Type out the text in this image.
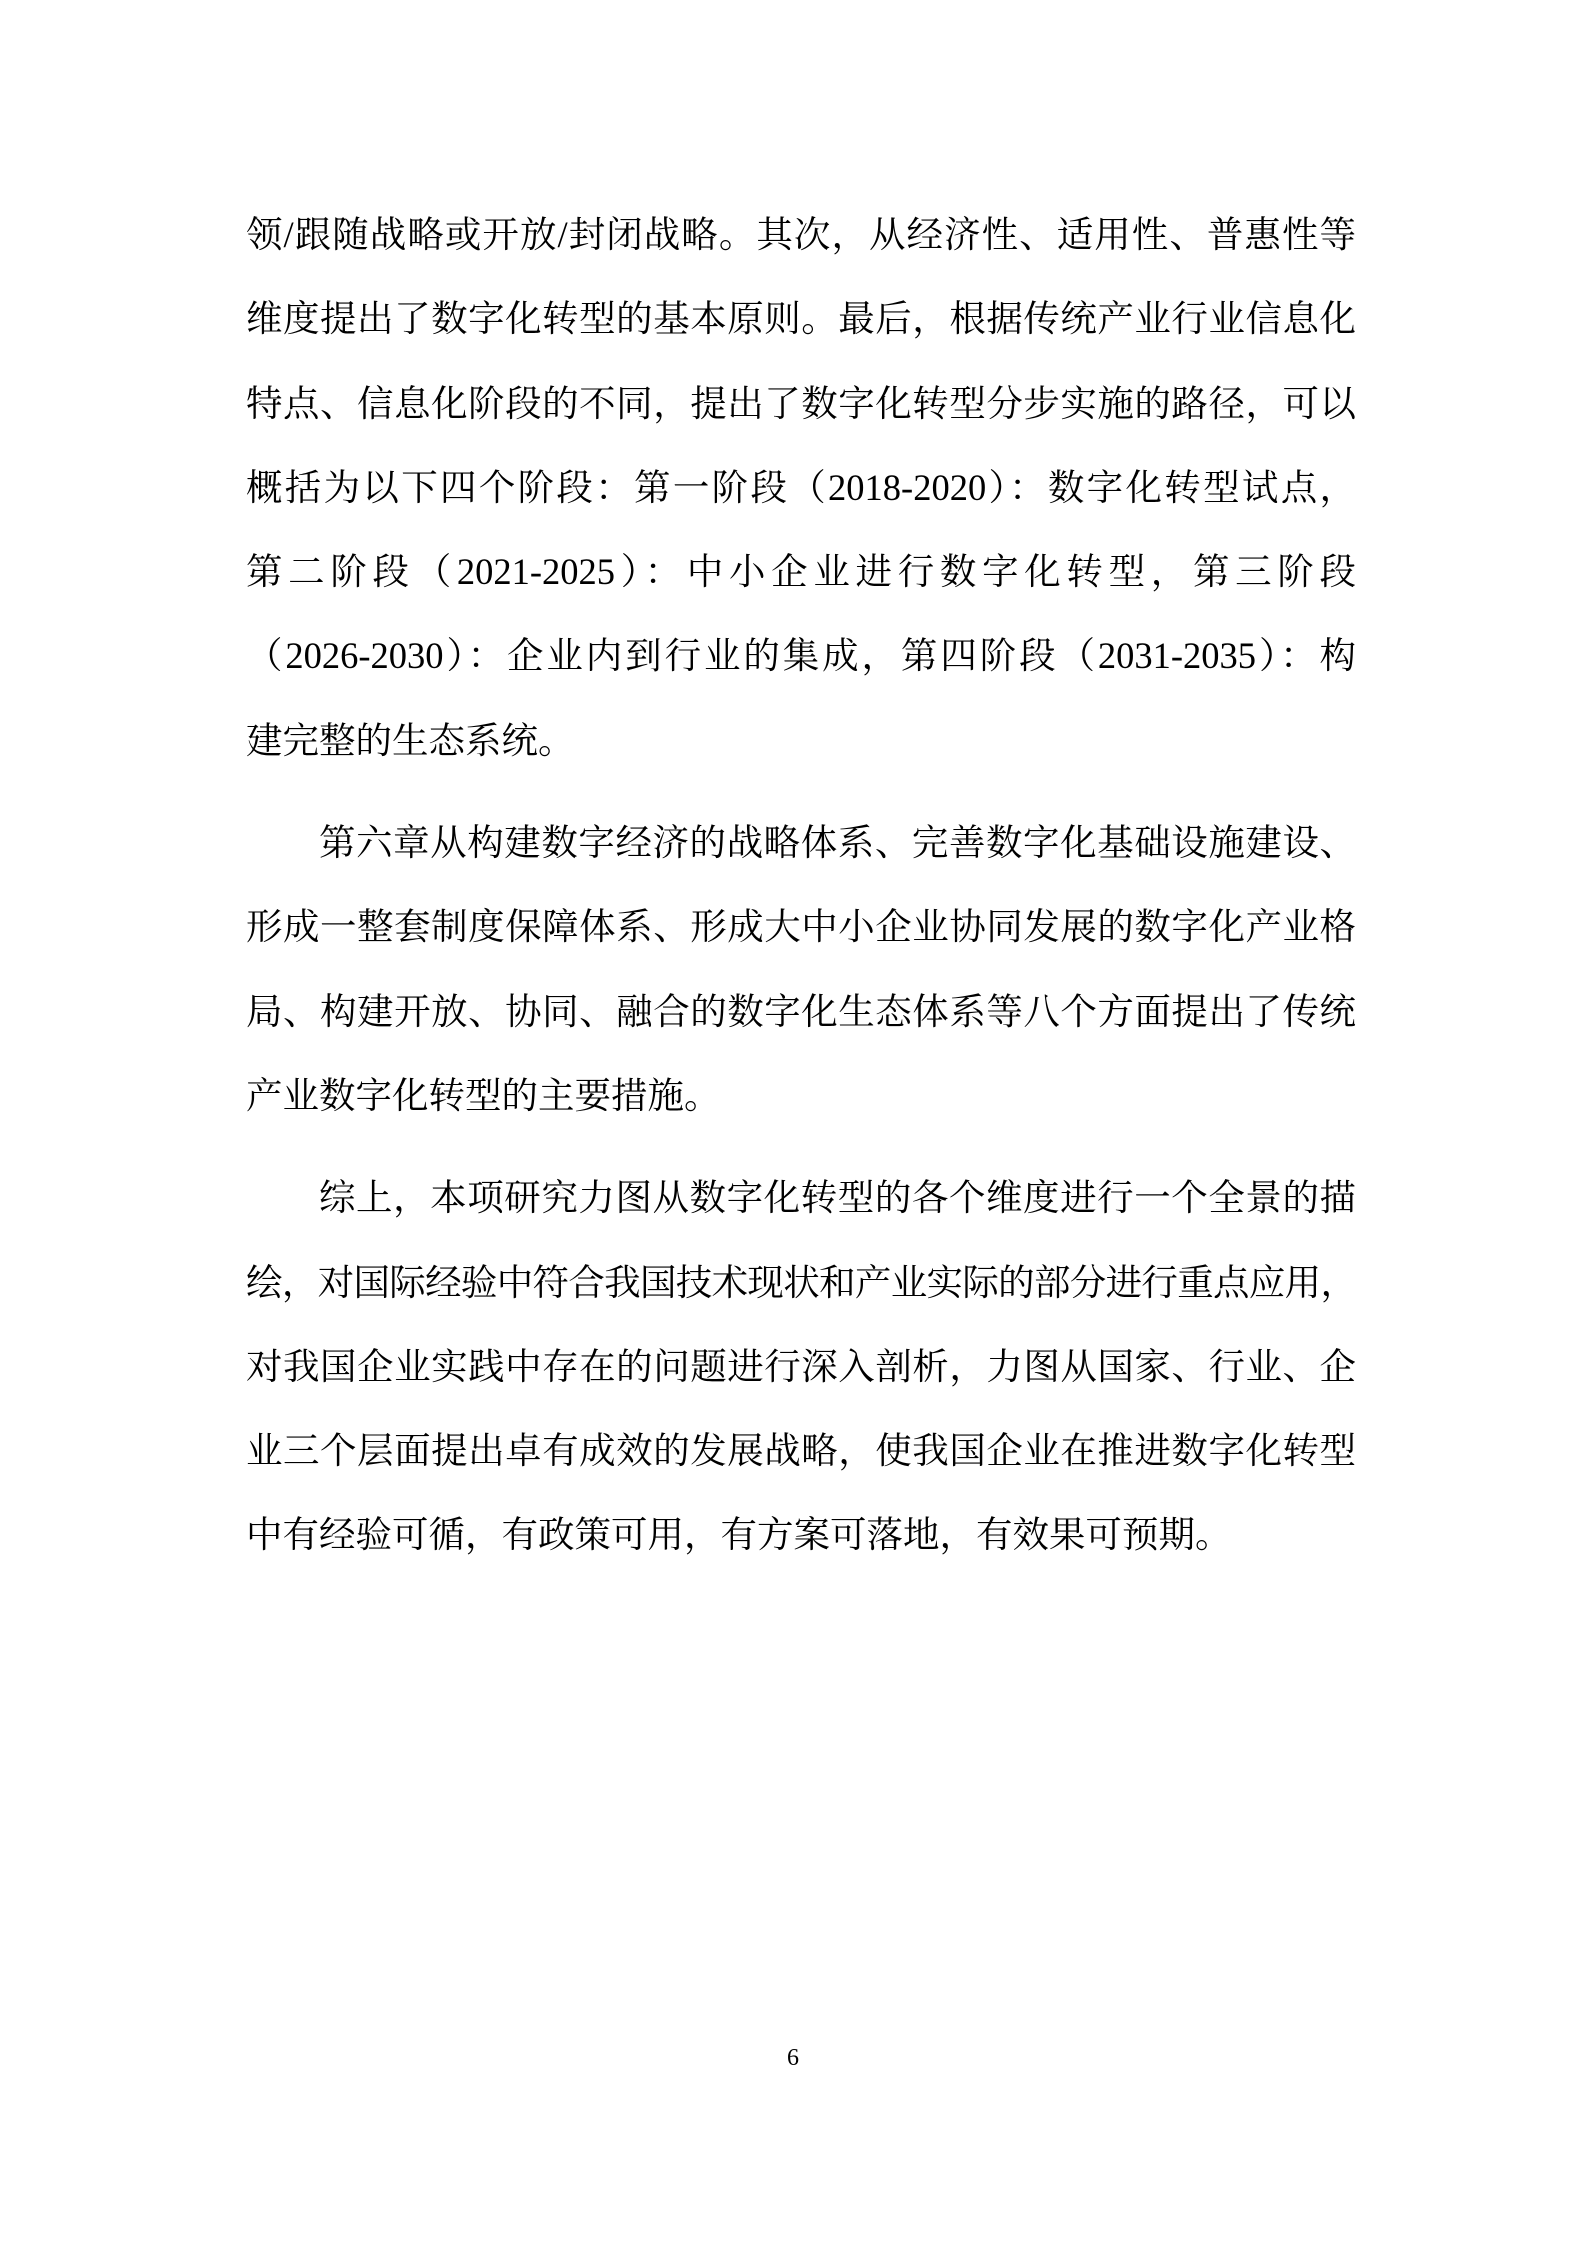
领/跟随战略或开放/封闭战略。其次，从经济性、适用性、普惠性等
维度提出了数字化转型的基本原则。最后，根据传统产业行业信息化
特点、信息化阶段的不同，提出了数字化转型分步实施的路径，可以
概括为以下四个阶段：第一阶段（2018-2020）：数字化转型试点，
第二阶段（2021-2025）：中小企业进行数字化转型，第三阶段
（2026-2030）：企业内到行业的集成，第四阶段（2031-2035）：构
建完整的生态系统。
第六章从构建数字经济的战略体系、完善数字化基础设施建设、
形成一整套制度保障体系、形成大中小企业协同发展的数字化产业格
局、构建开放、协同、融合的数字化生态体系等八个方面提出了传统
产业数字化转型的主要措施。
综上，本项研究力图从数字化转型的各个维度进行一个全景的描
绘，对国际经验中符合我国技术现状和产业实际的部分进行重点应用，
对我国企业实践中存在的问题进行深入剖析，力图从国家、行业、企
业三个层面提出卓有成效的发展战略，使我国企业在推进数字化转型
中有经验可循，有政策可用，有方案可落地，有效果可预期。
6
